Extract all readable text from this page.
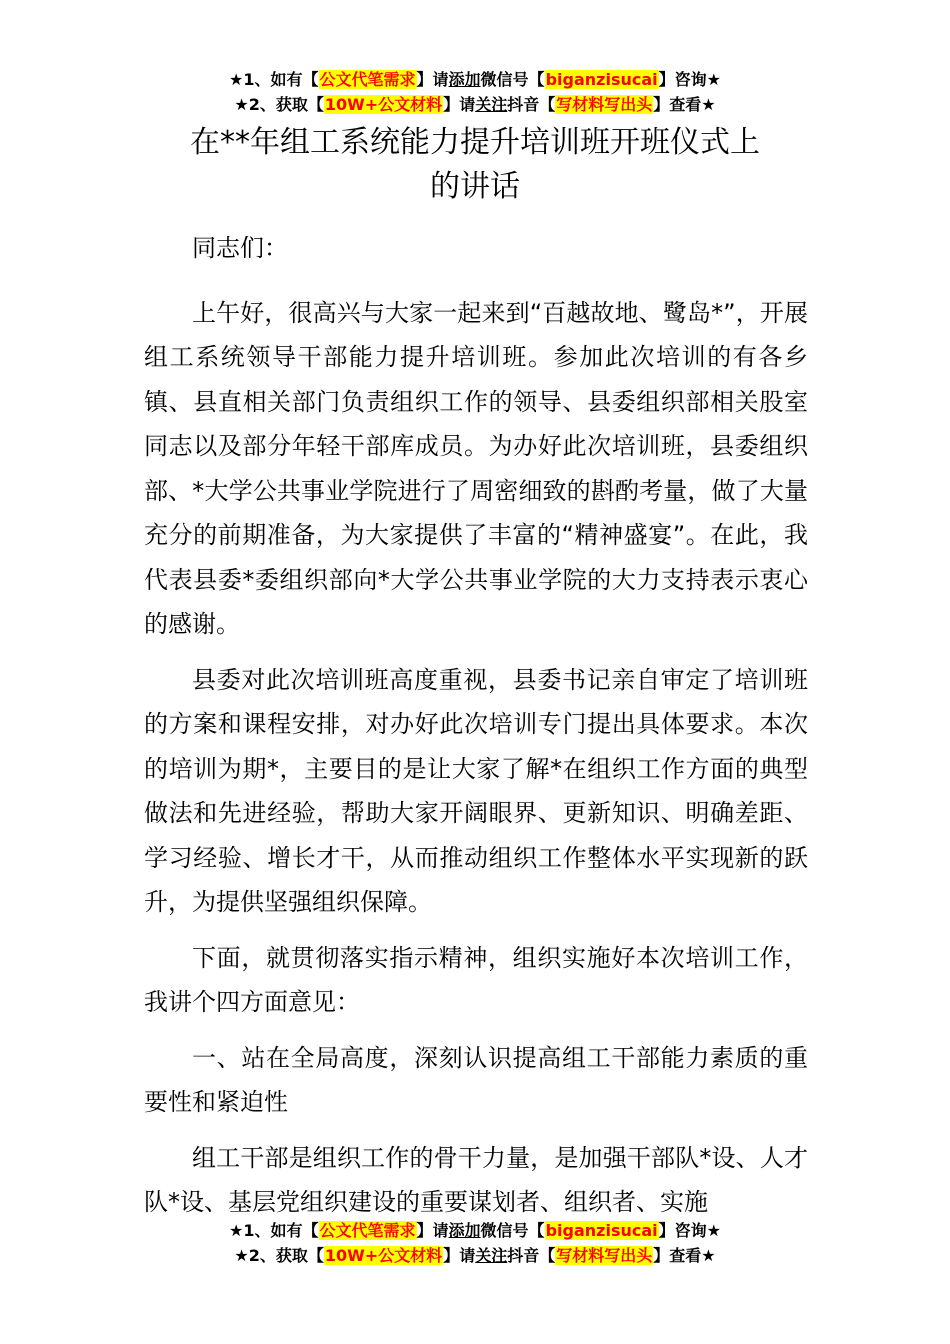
★1、如有【公文代笔需求】请添加微信号【biganzisucai】咨询★
★2、获取【10W+公文材料】请关注抖音【写材料写出头】查看★
在**年组工系统能力提升培训班开班仪式上
的讲话

同志们：

上午好，很高兴与大家一起来到“百越故地、鹭岛*”，开展组工系统领导干部能力提升培训班。参加此次培训的有各乡镇、县直相关部门负责组织工作的领导、县委组织部相关股室同志以及部分年轻干部库成员。为办好此次培训班，县委组织部、*大学公共事业学院进行了周密细致的斟酌考量，做了大量充分的前期准备，为大家提供了丰富的“精神盛宴”。在此，我代表县委*委组织部向*大学公共事业学院的大力支持表示衷心的感谢。

县委对此次培训班高度重视，县委书记亲自审定了培训班的方案和课程安排，对办好此次培训专门提出具体要求。本次的培训为期*，主要目的是让大家了解*在组织工作方面的典型做法和先进经验，帮助大家开阔眼界、更新知识、明确差距、学习经验、增长才干，从而推动组织工作整体水平实现新的跃升，为提供坚强组织保障。

下面，就贯彻落实指示精神，组织实施好本次培训工作，我讲个四方面意见：

一、站在全局高度，深刻认识提高组工干部能力素质的重要性和紧迫性

组工干部是组织工作的骨干力量，是加强干部队*设、人才队*设、基层党组织建设的重要谋划者、组织者、实施

★1、如有【公文代笔需求】请添加微信号【biganzisucai】咨询★
★2、获取【10W+公文材料】请关注抖音【写材料写出头】查看★
